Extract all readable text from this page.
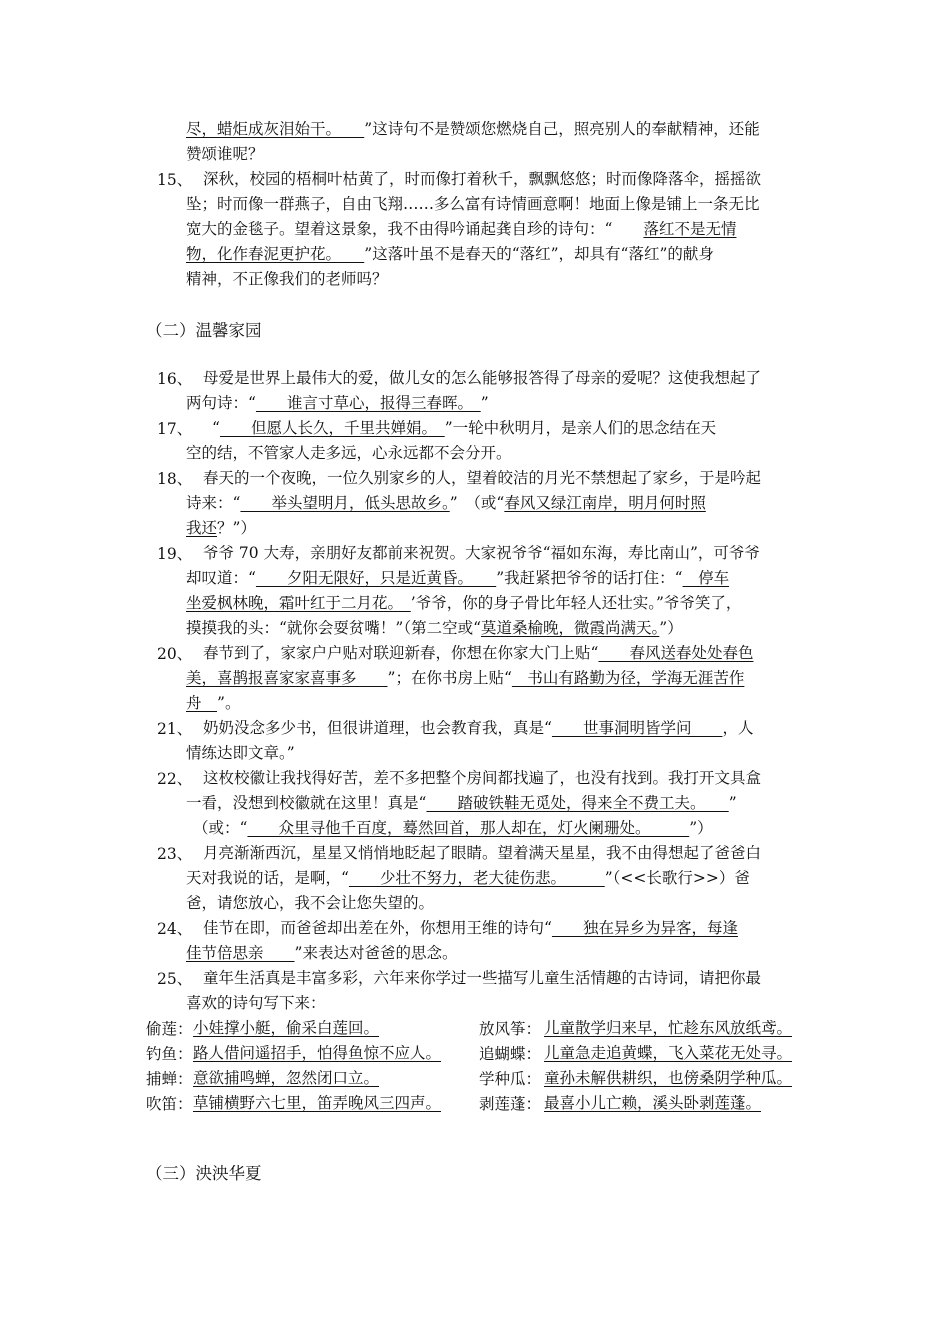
尽，蜡炬成灰泪始干。　　”这诗句不是赞颂您燃烧自己，照亮别人的奉献精神，还能
赞颂谁呢？
15、 深秋，校园的梧桐叶枯黄了，时而像打着秋千，飘飘悠悠；时而像降落伞，摇摇欲
坠；时而像一群燕子，自由飞翔……多么富有诗情画意啊！地面上像是铺上一条无比
宽大的金毯子。望着这景象，我不由得吟诵起龚自珍的诗句：“　　落红不是无情
物，化作春泥更护花。　　”这落叶虽不是春天的“落红”，却具有“落红”的献身
精神，不正像我们的老师吗？
（二）温馨家园
16、 母爱是世界上最伟大的爱，做儿女的怎么能够报答得了母亲的爱呢？这使我想起了
两句诗：“　　谁言寸草心，报得三春晖。　”
17、 “　　但愿人长久，千里共婵娟。　”一轮中秋明月，是亲人们的思念结在天
空的结，不管家人走多远，心永远都不会分开。
18、 春天的一个夜晚，一位久别家乡的人，望着皎洁的月光不禁想起了家乡，于是吟起
诗来：“　　举头望明月，低头思故乡。”　（或“春风又绿江南岸，明月何时照
我还？”）
19、 爷爷 70 大寿，亲朋好友都前来祝贺。大家祝爷爷“福如东海，寿比南山”，可爷爷
却叹道：“　　夕阳无限好，只是近黄昏。　　”我赶紧把爷爷的话打住：“　停车
坐爱枫林晚，霜叶红于二月花。　’爷爷，你的身子骨比年轻人还壮实。”爷爷笑了，
摸摸我的头：“就你会耍贫嘴！”（第二空或“莫道桑榆晚，微霞尚满天。”）
20、 春节到了，家家户户贴对联迎新春，你想在你家大门上贴“　　春风送春处处春色
美，喜鹊报喜家家喜事多　　”；在你书房上贴“　书山有路勤为径，学海无涯苦作
舟　”。
21、 奶奶没念多少书，但很讲道理，也会教育我，真是“　　世事洞明皆学问　　，人
情练达即文章。”
22、 这枚校徽让我找得好苦，差不多把整个房间都找遍了，也没有找到。我打开文具盒
一看，没想到校徽就在这里！真是“　　踏破铁鞋无觅处，得来全不费工夫。　　”
（或：“　　众里寻他千百度，蓦然回首，那人却在，灯火阑珊处。　　　”）
23、 月亮渐渐西沉，星星又悄悄地眨起了眼睛。望着满天星星，我不由得想起了爸爸白
天对我说的话，是啊，“　　少壮不努力，老大徒伤悲。　　　”（<<长歌行>>）爸
爸，请您放心，我不会让您失望的。
24、 佳节在即，而爸爸却出差在外，你想用王维的诗句“　　独在异乡为异客，每逢
佳节倍思亲　　”来表达对爸爸的思念。
25、 童年生活真是丰富多彩，六年来你学过一些描写儿童生活情趣的古诗词，请把你最
喜欢的诗句写下来：
偷莲： 小娃撑小艇，偷采白莲回。	放风筝： 儿童散学归来早，忙趁东风放纸鸢。
钓鱼： 路人借问遥招手，怕得鱼惊不应人。 追蝴蝶： 儿童急走追黄蝶，飞入菜花无处寻。
捕蝉： 意欲捕鸣蝉，忽然闭口立。	学种瓜： 童孙未解供耕织，也傍桑阴学种瓜。
吹笛： 草铺横野六七里，笛弄晚风三四声。 剥莲蓬： 最喜小儿亡赖，溪头卧剥莲蓬。
（三）泱泱华夏
